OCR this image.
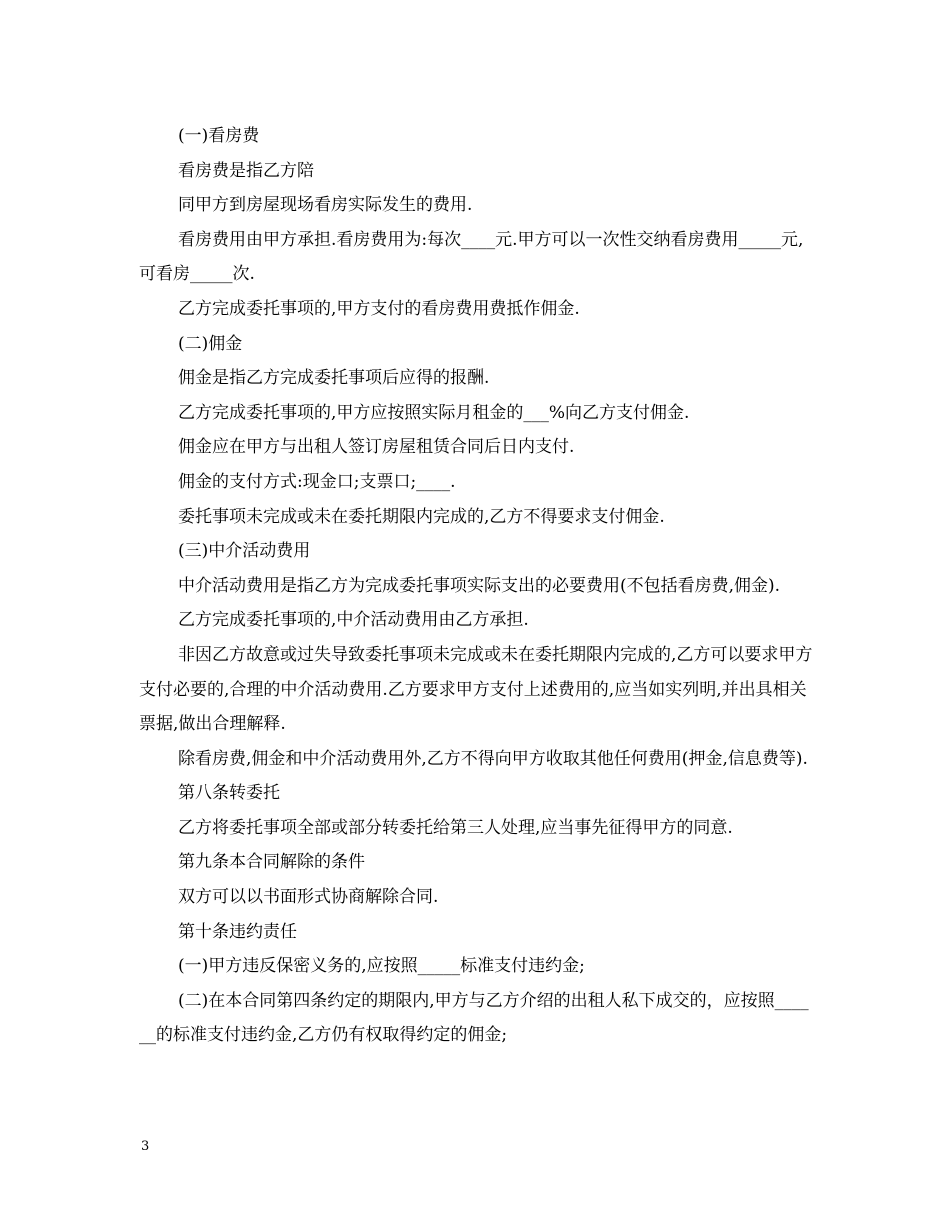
(一)看房费

看房费是指乙方陪

同甲方到房屋现场看房实际发生的费用.

看房费用由甲方承担.看房费用为:每次____元.甲方可以一次性交纳看房费用_____元,可看房_____次.

乙方完成委托事项的,甲方支付的看房费用费抵作佣金.

(二)佣金

佣金是指乙方完成委托事项后应得的报酬.

乙方完成委托事项的,甲方应按照实际月租金的___%向乙方支付佣金.

佣金应在甲方与出租人签订房屋租赁合同后日内支付.

佣金的支付方式:现金口;支票口;____.

委托事项未完成或未在委托期限内完成的,乙方不得要求支付佣金.

(三)中介活动费用

中介活动费用是指乙方为完成委托事项实际支出的必要费用(不包括看房费,佣金).

乙方完成委托事项的,中介活动费用由乙方承担.

非因乙方故意或过失导致委托事项未完成或未在委托期限内完成的,乙方可以要求甲方支付必要的,合理的中介活动费用.乙方要求甲方支付上述费用的,应当如实列明,并出具相关票据,做出合理解释.

除看房费,佣金和中介活动费用外,乙方不得向甲方收取其他任何费用(押金,信息费等).

第八条转委托

乙方将委托事项全部或部分转委托给第三人处理,应当事先征得甲方的同意.

第九条本合同解除的条件

双方可以以书面形式协商解除合同.

第十条违约责任

(一)甲方违反保密义务的,应按照_____标准支付违约金;

(二)在本合同第四条约定的期限内,甲方与乙方介绍的出租人私下成交的，应按照______的标准支付违约金,乙方仍有权取得约定的佣金;

3
